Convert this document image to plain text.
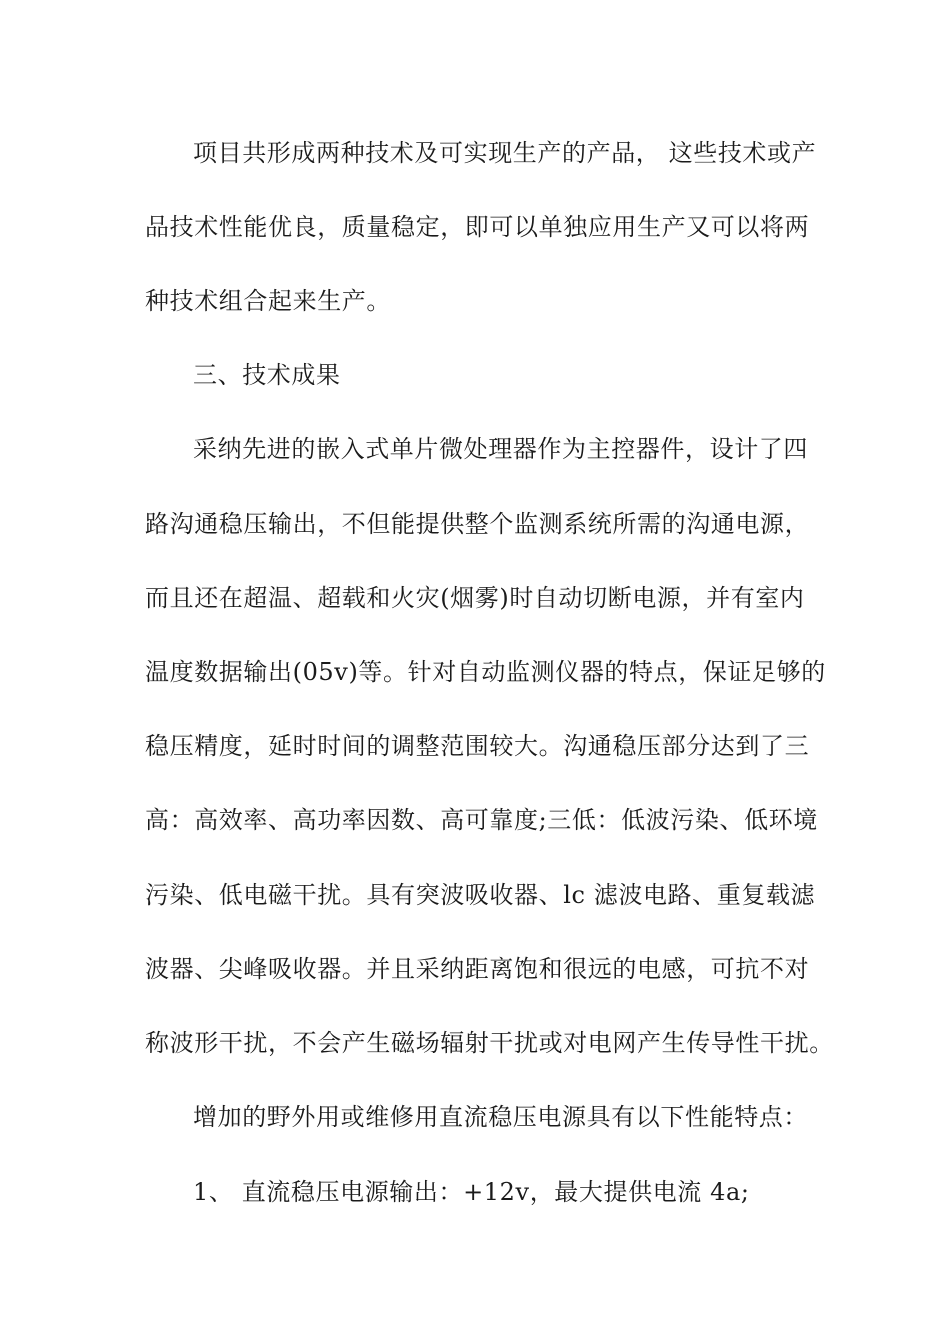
项目共形成两种技术及可实现生产的产品， 这些技术或产
品技术性能优良，质量稳定，即可以单独应用生产又可以将两
种技术组合起来生产。
三、技术成果
采纳先进的嵌入式单片微处理器作为主控器件，设计了四
路沟通稳压输出，不但能提供整个监测系统所需的沟通电源，
而且还在超温、超载和火灾(烟雾)时自动切断电源，并有室内
温度数据输出(05v)等。针对自动监测仪器的特点，保证足够的
稳压精度，延时时间的调整范围较大。沟通稳压部分达到了三
高：高效率、高功率因数、高可靠度;三低：低波污染、低环境
污染、低电磁干扰。具有突波吸收器、lc 滤波电路、重复载滤
波器、尖峰吸收器。并且采纳距离饱和很远的电感，可抗不对
称波形干扰，不会产生磁场辐射干扰或对电网产生传导性干扰。
增加的野外用或维修用直流稳压电源具有以下性能特点：
1、 直流稳压电源输出：+12v，最大提供电流 4a;
